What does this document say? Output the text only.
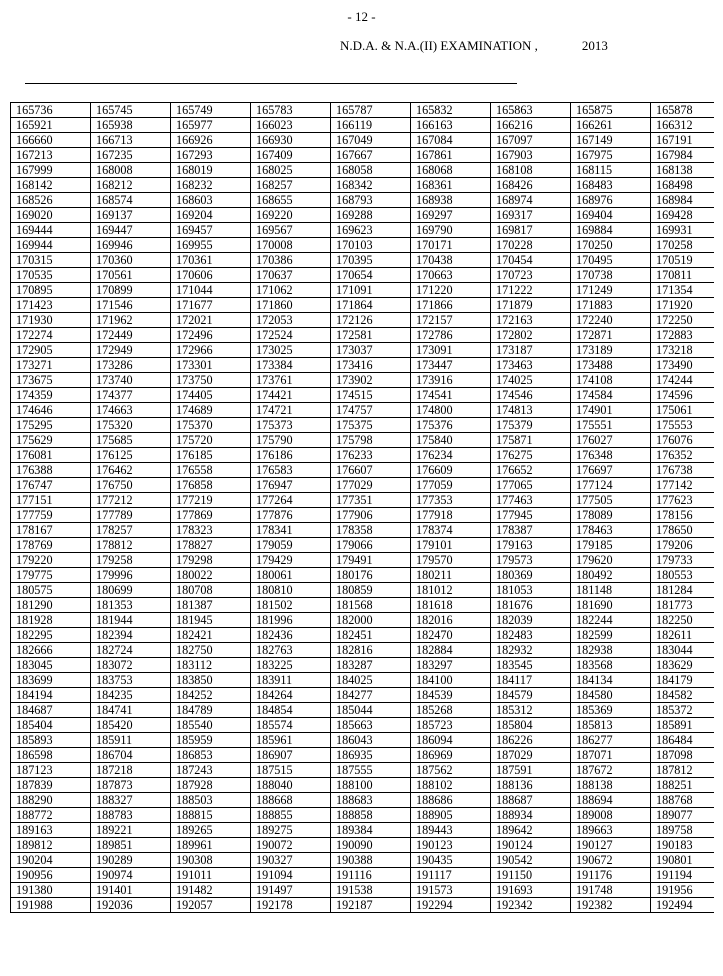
- 12 -
N.D.A. & N.A.(II) EXAMINATION ,	2013
165736	165745	165749	165783	165787	165832	165863	165875	165878
165921	165938	165977	166023	166119	166163	166216	166261	166312
166660	166713	166926	166930	167049	167084	167097	167149	167191
167213	167235	167293	167409	167667	167861	167903	167975	167984
167999	168008	168019	168025	168058	168068	168108	168115	168138
168142	168212	168232	168257	168342	168361	168426	168483	168498
168526	168574	168603	168655	168793	168938	168974	168976	168984
169020	169137	169204	169220	169288	169297	169317	169404	169428
169444	169447	169457	169567	169623	169790	169817	169884	169931
169944	169946	169955	170008	170103	170171	170228	170250	170258
170315	170360	170361	170386	170395	170438	170454	170495	170519
170535	170561	170606	170637	170654	170663	170723	170738	170811
170895	170899	171044	171062	171091	171220	171222	171249	171354
171423	171546	171677	171860	171864	171866	171879	171883	171920
171930	171962	172021	172053	172126	172157	172163	172240	172250
172274	172449	172496	172524	172581	172786	172802	172871	172883
172905	172949	172966	173025	173037	173091	173187	173189	173218
173271	173286	173301	173384	173416	173447	173463	173488	173490
173675	173740	173750	173761	173902	173916	174025	174108	174244
174359	174377	174405	174421	174515	174541	174546	174584	174596
174646	174663	174689	174721	174757	174800	174813	174901	175061
175295	175320	175370	175373	175375	175376	175379	175551	175553
175629	175685	175720	175790	175798	175840	175871	176027	176076
176081	176125	176185	176186	176233	176234	176275	176348	176352
176388	176462	176558	176583	176607	176609	176652	176697	176738
176747	176750	176858	176947	177029	177059	177065	177124	177142
177151	177212	177219	177264	177351	177353	177463	177505	177623
177759	177789	177869	177876	177906	177918	177945	178089	178156
178167	178257	178323	178341	178358	178374	178387	178463	178650
178769	178812	178827	179059	179066	179101	179163	179185	179206
179220	179258	179298	179429	179491	179570	179573	179620	179733
179775	179996	180022	180061	180176	180211	180369	180492	180553
180575	180699	180708	180810	180859	181012	181053	181148	181284
181290	181353	181387	181502	181568	181618	181676	181690	181773
181928	181944	181945	181996	182000	182016	182039	182244	182250
182295	182394	182421	182436	182451	182470	182483	182599	182611
182666	182724	182750	182763	182816	182884	182932	182938	183044
183045	183072	183112	183225	183287	183297	183545	183568	183629
183699	183753	183850	183911	184025	184100	184117	184134	184179
184194	184235	184252	184264	184277	184539	184579	184580	184582
184687	184741	184789	184854	185044	185268	185312	185369	185372
185404	185420	185540	185574	185663	185723	185804	185813	185891
185893	185911	185959	185961	186043	186094	186226	186277	186484
186598	186704	186853	186907	186935	186969	187029	187071	187098
187123	187218	187243	187515	187555	187562	187591	187672	187812
187839	187873	187928	188040	188100	188102	188136	188138	188251
188290	188327	188503	188668	188683	188686	188687	188694	188768
188772	188783	188815	188855	188858	188905	188934	189008	189077
189163	189221	189265	189275	189384	189443	189642	189663	189758
189812	189851	189961	190072	190090	190123	190124	190127	190183
190204	190289	190308	190327	190388	190435	190542	190672	190801
190956	190974	191011	191094	191116	191117	191150	191176	191194
191380	191401	191482	191497	191538	191573	191693	191748	191956
191988	192036	192057	192178	192187	192294	192342	192382	192494
